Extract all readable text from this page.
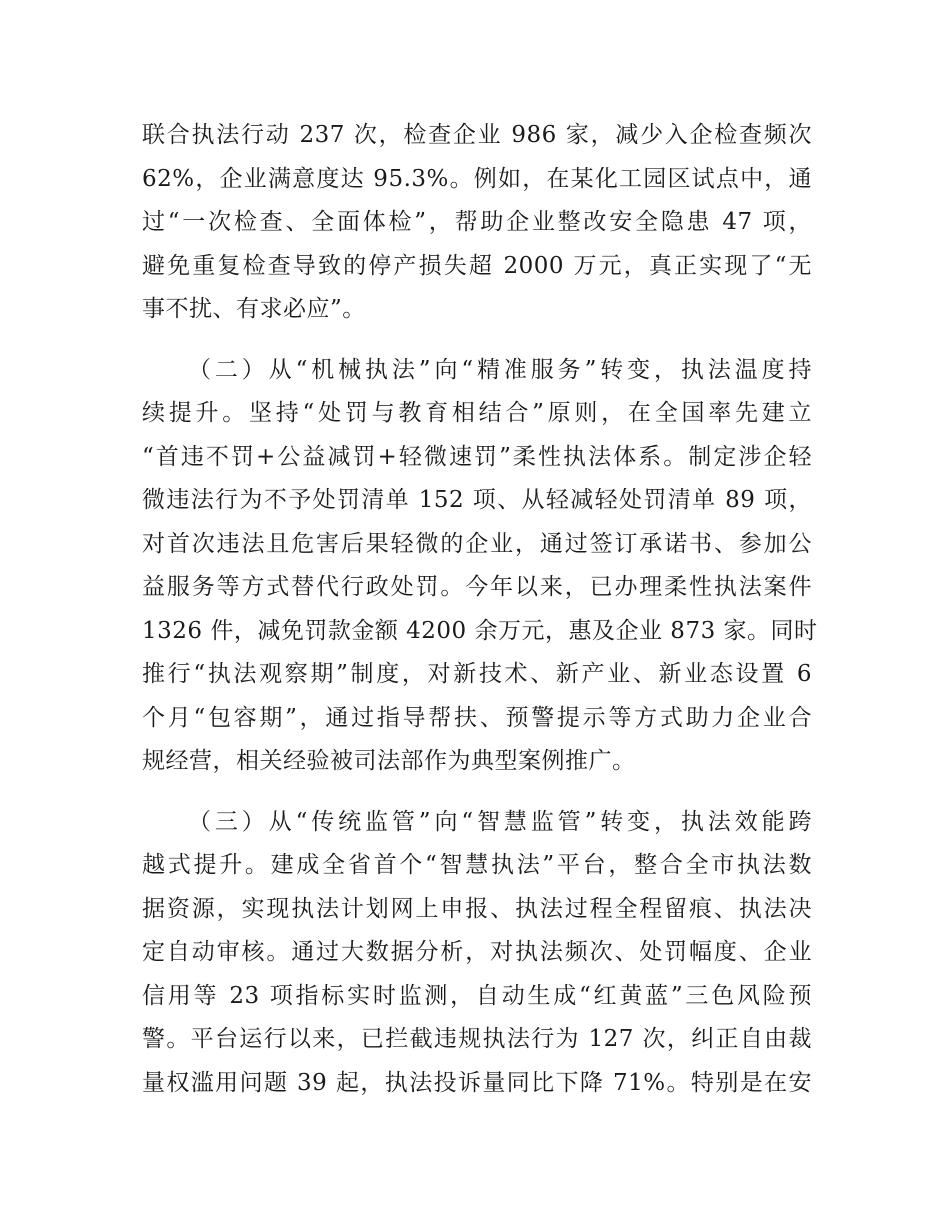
联合执法行动 237 次，检查企业 986 家，减少入企检查频次
62%，企业满意度达 95.3%。例如，在某化工园区试点中，通
过“一次检查、全面体检”，帮助企业整改安全隐患 47 项，
避免重复检查导致的停产损失超 2000 万元，真正实现了“无
事不扰、有求必应”。
（二）从“机械执法”向“精准服务”转变，执法温度持
续提升。坚持“处罚与教育相结合”原则，在全国率先建立
“首违不罚+公益减罚+轻微速罚”柔性执法体系。制定涉企轻
微违法行为不予处罚清单 152 项、从轻减轻处罚清单 89 项，
对首次违法且危害后果轻微的企业，通过签订承诺书、参加公
益服务等方式替代行政处罚。今年以来，已办理柔性执法案件
1326 件，减免罚款金额 4200 余万元，惠及企业 873 家。同时
推行“执法观察期”制度，对新技术、新产业、新业态设置 6
个月“包容期”，通过指导帮扶、预警提示等方式助力企业合
规经营，相关经验被司法部作为典型案例推广。
（三）从“传统监管”向“智慧监管”转变，执法效能跨
越式提升。建成全省首个“智慧执法”平台，整合全市执法数
据资源，实现执法计划网上申报、执法过程全程留痕、执法决
定自动审核。通过大数据分析，对执法频次、处罚幅度、企业
信用等 23 项指标实时监测，自动生成“红黄蓝”三色风险预
警。平台运行以来，已拦截违规执法行为 127 次，纠正自由裁
量权滥用问题 39 起，执法投诉量同比下降 71%。特别是在安
